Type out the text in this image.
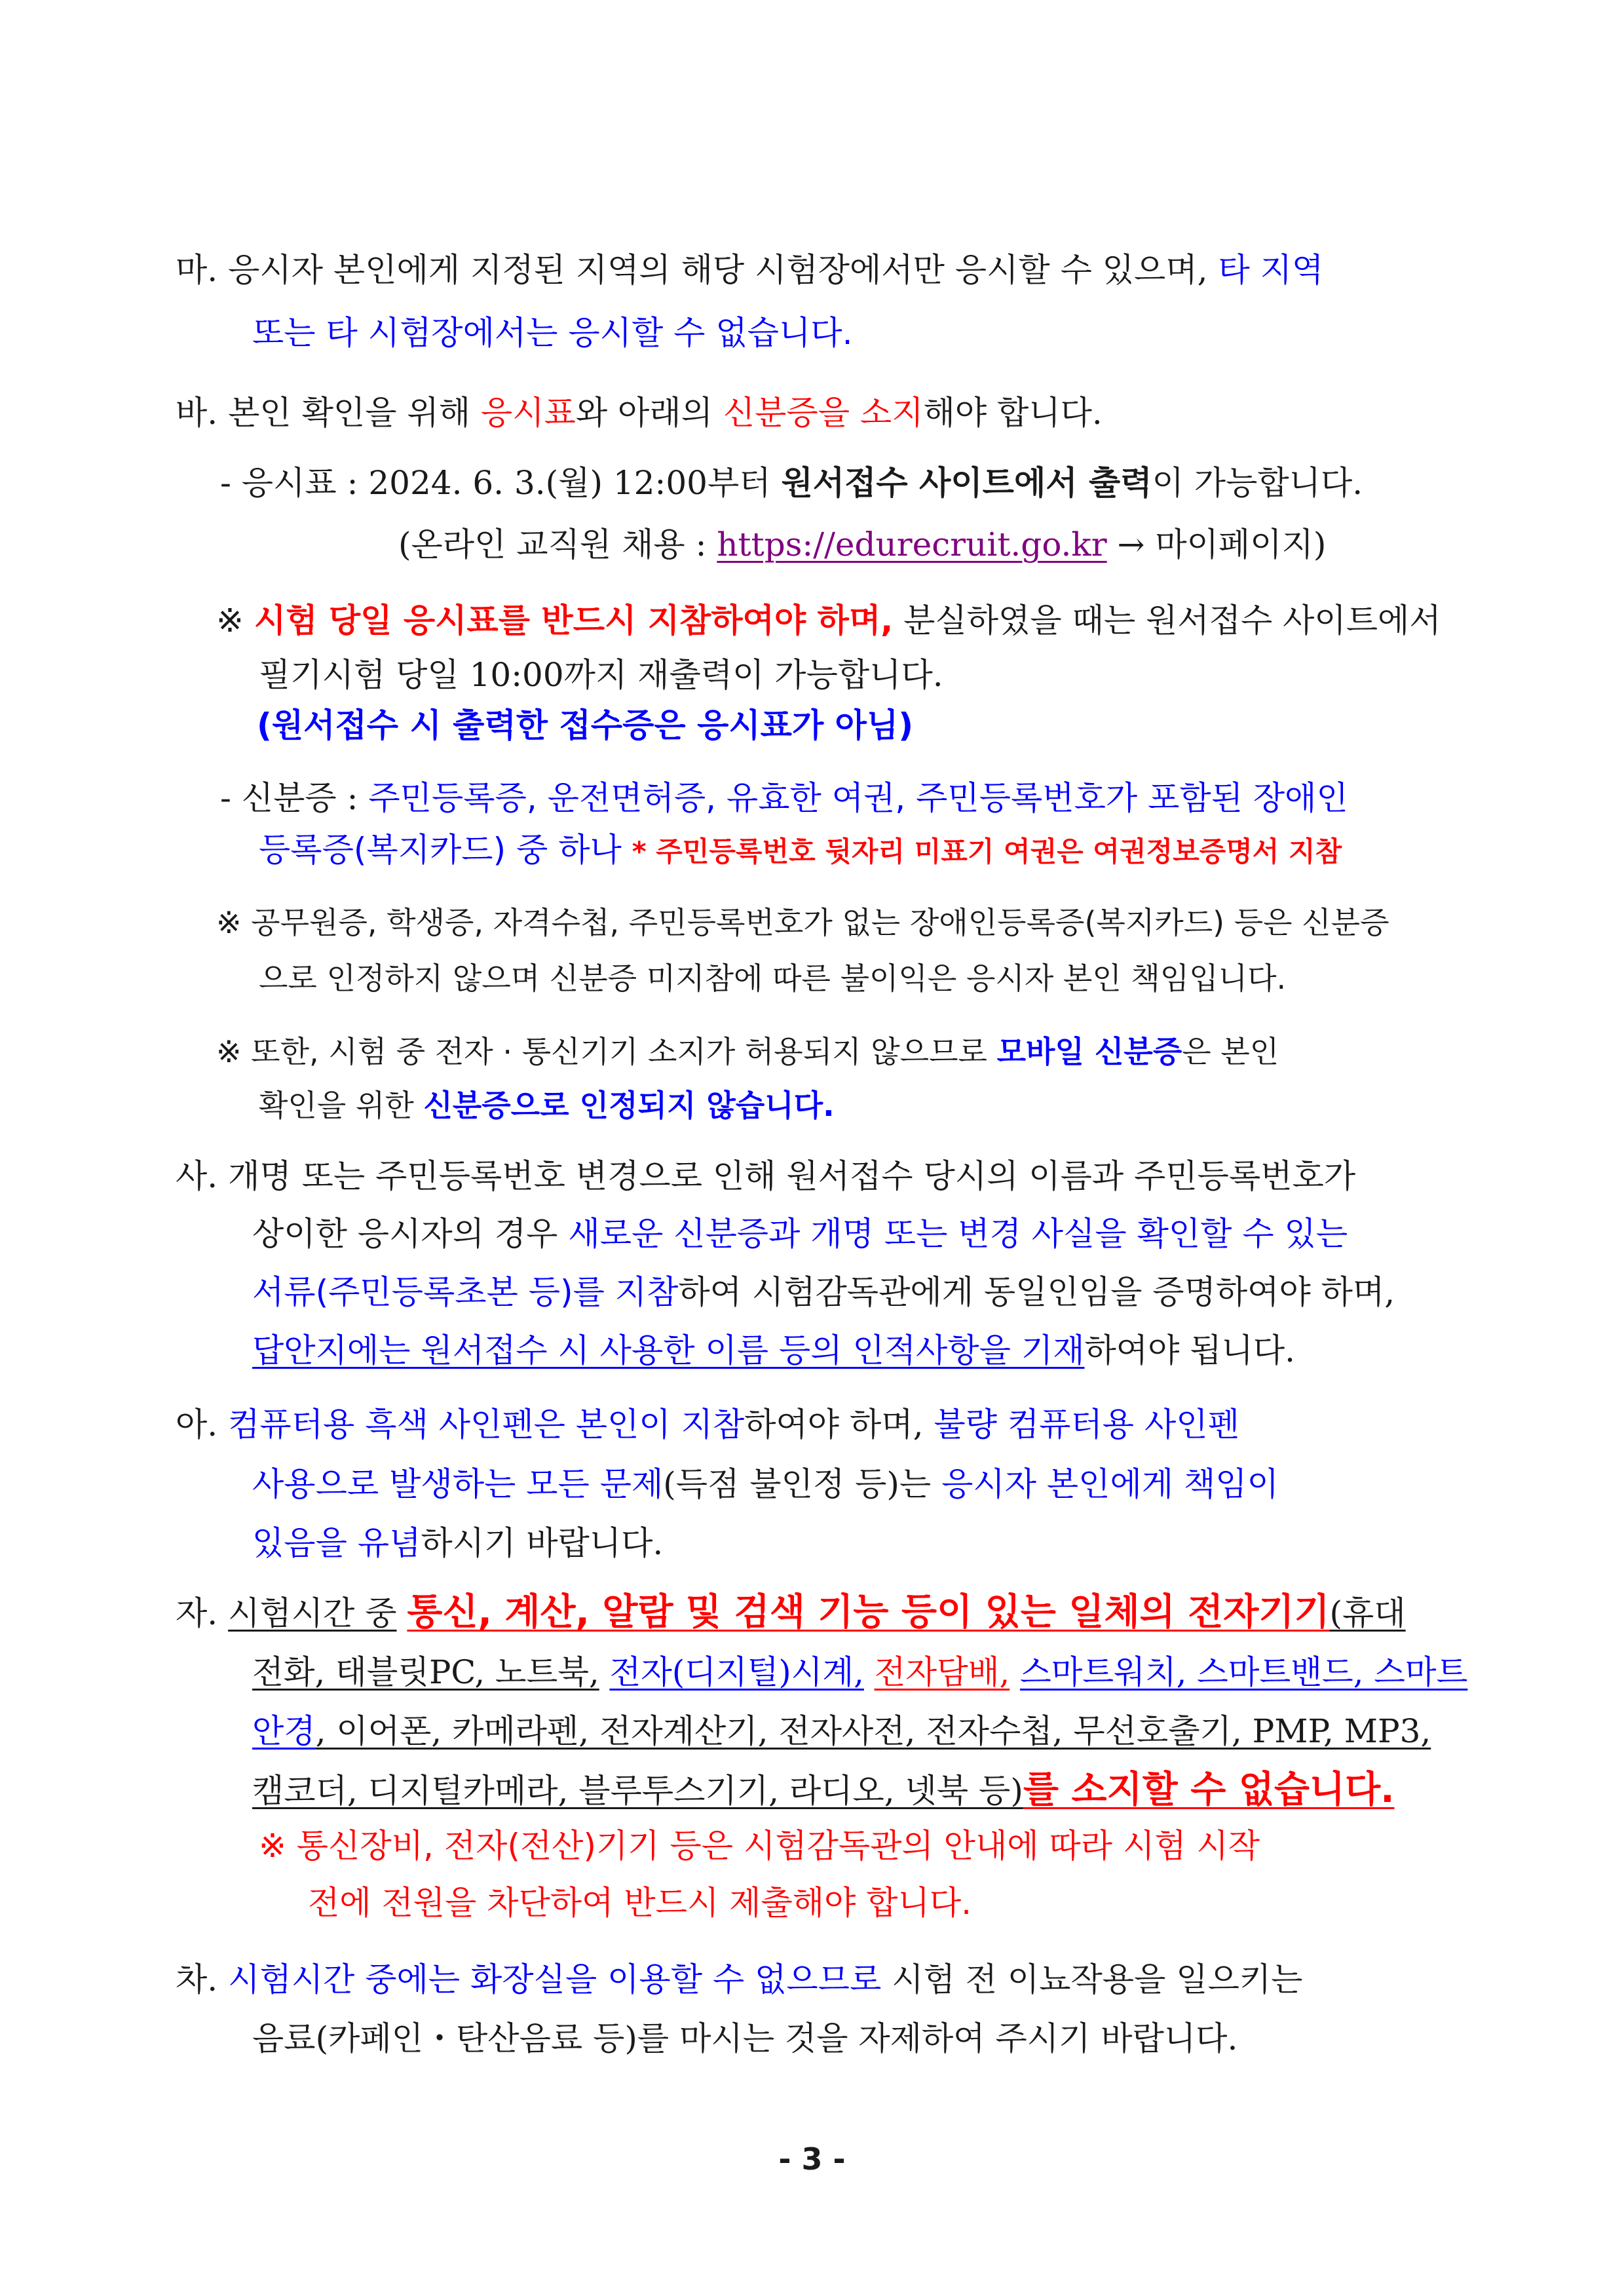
마. 응시자 본인에게 지정된 지역의 해당 시험장에서만 응시할 수 있으며, 타 지역
또는 타 시험장에서는 응시할 수 없습니다.
바. 본인 확인을 위해 응시표와 아래의 신분증을 소지해야 합니다.
- 응시표 : 2024. 6. 3.(월) 12:00부터 원서접수 사이트에서 출력이 가능합니다.
(온라인 교직원 채용 : https://edurecruit.go.kr → 마이페이지)
※ 시험 당일 응시표를 반드시 지참하여야 하며, 분실하였을 때는 원서접수 사이트에서
필기시험 당일 10:00까지 재출력이 가능합니다.
(원서접수 시 출력한 접수증은 응시표가 아님)
- 신분증 : 주민등록증, 운전면허증, 유효한 여권, 주민등록번호가 포함된 장애인
등록증(복지카드) 중 하나 * 주민등록번호 뒷자리 미표기 여권은 여권정보증명서 지참
※ 공무원증, 학생증, 자격수첩, 주민등록번호가 없는 장애인등록증(복지카드) 등은 신분증
으로 인정하지 않으며 신분증 미지참에 따른 불이익은 응시자 본인 책임입니다.
※ 또한, 시험 중 전자 · 통신기기 소지가 허용되지 않으므로 모바일 신분증은 본인
확인을 위한 신분증으로 인정되지 않습니다.
사. 개명 또는 주민등록번호 변경으로 인해 원서접수 당시의 이름과 주민등록번호가
상이한 응시자의 경우 새로운 신분증과 개명 또는 변경 사실을 확인할 수 있는
서류(주민등록초본 등)를 지참하여 시험감독관에게 동일인임을 증명하여야 하며,
답안지에는 원서접수 시 사용한 이름 등의 인적사항을 기재하여야 됩니다.
아. 컴퓨터용 흑색 사인펜은 본인이 지참하여야 하며, 불량 컴퓨터용 사인펜
사용으로 발생하는 모든 문제(득점 불인정 등)는 응시자 본인에게 책임이
있음을 유념하시기 바랍니다.
자. 시험시간 중 통신, 계산, 알람 및 검색 기능 등이 있는 일체의 전자기기(휴대
전화, 태블릿PC, 노트북, 전자(디지털)시계, 전자담배, 스마트워치, 스마트밴드, 스마트
안경, 이어폰, 카메라펜, 전자계산기, 전자사전, 전자수첩, 무선호출기, PMP, MP3,
캠코더, 디지털카메라, 블루투스기기, 라디오, 넷북 등)를 소지할 수 없습니다.
※ 통신장비, 전자(전산)기기 등은 시험감독관의 안내에 따라 시험 시작
전에 전원을 차단하여 반드시 제출해야 합니다.
차. 시험시간 중에는 화장실을 이용할 수 없으므로 시험 전 이뇨작용을 일으키는
음료(카페인・탄산음료 등)를 마시는 것을 자제하여 주시기 바랍니다.
- 3 -
